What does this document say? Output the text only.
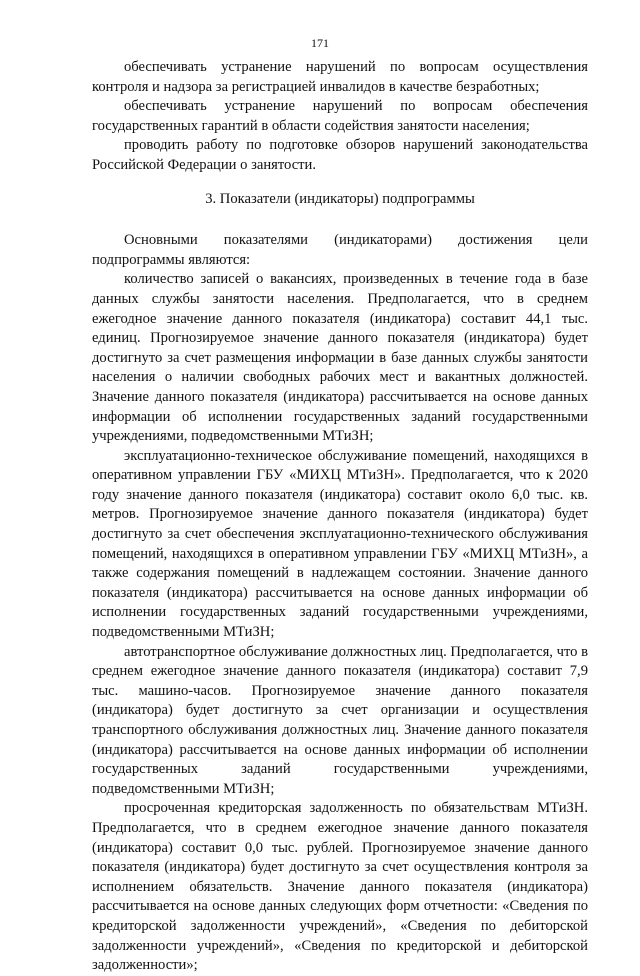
171

обеспечивать устранение нарушений по вопросам осуществления контроля и надзора за регистрацией инвалидов в качестве безработных;

обеспечивать устранение нарушений по вопросам обеспечения государственных гарантий в области содействия занятости населения;

проводить работу по подготовке обзоров нарушений законодательства Российской Федерации о занятости.

3. Показатели (индикаторы) подпрограммы

Основными показателями (индикаторами) достижения цели подпрограммы являются:

количество записей о вакансиях, произведенных в течение года в базе данных службы занятости населения. Предполагается, что в среднем ежегодное значение данного показателя (индикатора) составит 44,1 тыс. единиц. Прогнозируемое значение данного показателя (индикатора) будет достигнуто за счет размещения информации в базе данных службы занятости населения о наличии свободных рабочих мест и вакантных должностей. Значение данного показателя (индикатора) рассчитывается на основе данных информации об исполнении государственных заданий государственными учреждениями, подведомственными МТиЗН;

эксплуатационно-техническое обслуживание помещений, находящихся в оперативном управлении ГБУ «МИХЦ МТиЗН». Предполагается, что к 2020 году значение данного показателя (индикатора) составит около 6,0 тыс. кв. метров. Прогнозируемое значение данного показателя (индикатора) будет достигнуто за счет обеспечения эксплуатационно-технического обслуживания помещений, находящихся в оперативном управлении ГБУ «МИХЦ МТиЗН», а также содержания помещений в надлежащем состоянии. Значение данного показателя (индикатора) рассчитывается на основе данных информации об исполнении государственных заданий государственными учреждениями, подведомственными МТиЗН;

автотранспортное обслуживание должностных лиц. Предполагается, что в среднем ежегодное значение данного показателя (индикатора) составит 7,9 тыс. машино-часов. Прогнозируемое значение данного показателя (индикатора) будет достигнуто за счет организации и осуществления транспортного обслуживания должностных лиц. Значение данного показателя (индикатора) рассчитывается на основе данных информации об исполнении государственных заданий государственными учреждениями, подведомственными МТиЗН;

просроченная кредиторская задолженность по обязательствам МТиЗН. Предполагается, что в среднем ежегодное значение данного показателя (индикатора) составит 0,0 тыс. рублей. Прогнозируемое значение данного показателя (индикатора) будет достигнуто за счет осуществления контроля за исполнением обязательств. Значение данного показателя (индикатора) рассчитывается на основе данных следующих форм отчетности: «Сведения по кредиторской задолженности учреждений», «Сведения по дебиторской задолженности учреждений», «Сведения по кредиторской и дебиторской задолженности»;
